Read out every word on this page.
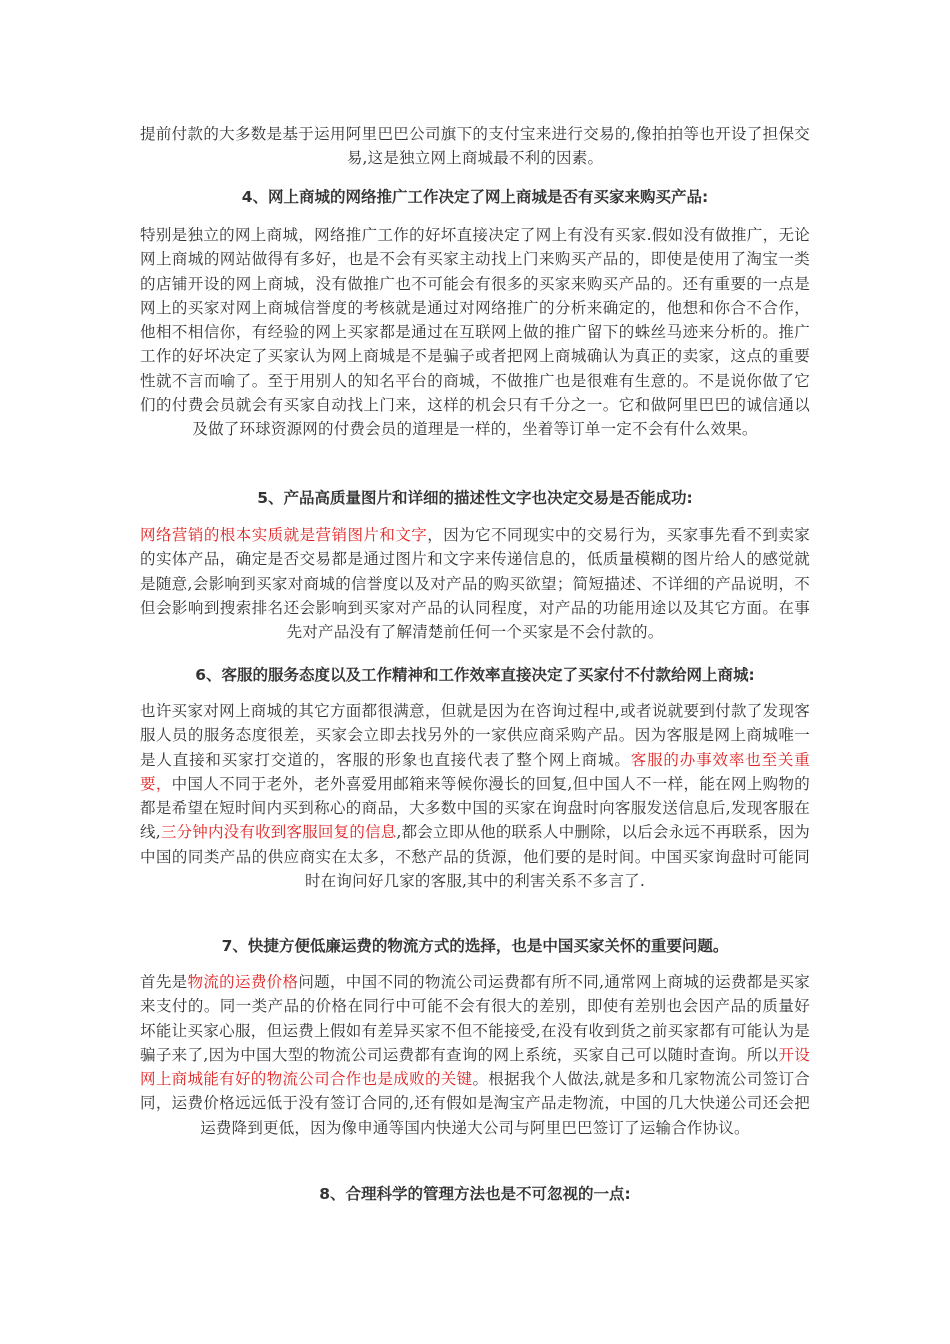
提前付款的大多数是基于运用阿里巴巴公司旗下的支付宝来进行交易的,像拍拍等也开设了担保交易,这是独立网上商城最不利的因素。
4、网上商城的网络推广工作决定了网上商城是否有买家来购买产品:
特别是独立的网上商城，网络推广工作的好坏直接决定了网上有没有买家.假如没有做推广，无论网上商城的网站做得有多好，也是不会有买家主动找上门来购买产品的，即使是使用了淘宝一类的店铺开设的网上商城，没有做推广也不可能会有很多的买家来购买产品的。还有重要的一点是网上的买家对网上商城信誉度的考核就是通过对网络推广的分析来确定的，他想和你合不合作，他相不相信你，有经验的网上买家都是通过在互联网上做的推广留下的蛛丝马迹来分析的。推广工作的好坏决定了买家认为网上商城是不是骗子或者把网上商城确认为真正的卖家，这点的重要性就不言而喻了。至于用别人的知名平台的商城，不做推广也是很难有生意的。不是说你做了它们的付费会员就会有买家自动找上门来，这样的机会只有千分之一。它和做阿里巴巴的诚信通以及做了环球资源网的付费会员的道理是一样的，坐着等订单一定不会有什么效果。
5、产品高质量图片和详细的描述性文字也决定交易是否能成功:
网络营销的根本实质就是营销图片和文字，因为它不同现实中的交易行为，买家事先看不到卖家的实体产品，确定是否交易都是通过图片和文字来传递信息的，低质量模糊的图片给人的感觉就是随意,会影响到买家对商城的信誉度以及对产品的购买欲望；简短描述、不详细的产品说明，不但会影响到搜索排名还会影响到买家对产品的认同程度，对产品的功能用途以及其它方面。在事先对产品没有了解清楚前任何一个买家是不会付款的。
6、客服的服务态度以及工作精神和工作效率直接决定了买家付不付款给网上商城:
也许买家对网上商城的其它方面都很满意，但就是因为在咨询过程中,或者说就要到付款了发现客服人员的服务态度很差，买家会立即去找另外的一家供应商采购产品。因为客服是网上商城唯一是人直接和买家打交道的，客服的形象也直接代表了整个网上商城。客服的办事效率也至关重要，中国人不同于老外，老外喜爱用邮箱来等候你漫长的回复,但中国人不一样，能在网上购物的都是希望在短时间内买到称心的商品，大多数中国的买家在询盘时向客服发送信息后,发现客服在线,三分钟内没有收到客服回复的信息,都会立即从他的联系人中删除，以后会永远不再联系，因为中国的同类产品的供应商实在太多，不愁产品的货源，他们要的是时间。中国买家询盘时可能同时在询问好几家的客服,其中的利害关系不多言了.
7、快捷方便低廉运费的物流方式的选择，也是中国买家关怀的重要问题。
首先是物流的运费价格问题，中国不同的物流公司运费都有所不同,通常网上商城的运费都是买家来支付的。同一类产品的价格在同行中可能不会有很大的差别，即使有差别也会因产品的质量好坏能让买家心服，但运费上假如有差异买家不但不能接受,在没有收到货之前买家都有可能认为是骗子来了,因为中国大型的物流公司运费都有查询的网上系统，买家自己可以随时查询。所以开设网上商城能有好的物流公司合作也是成败的关键。根据我个人做法,就是多和几家物流公司签订合同，运费价格远远低于没有签订合同的,还有假如是淘宝产品走物流，中国的几大快递公司还会把运费降到更低，因为像申通等国内快递大公司与阿里巴巴签订了运输合作协议。
8、合理科学的管理方法也是不可忽视的一点:
